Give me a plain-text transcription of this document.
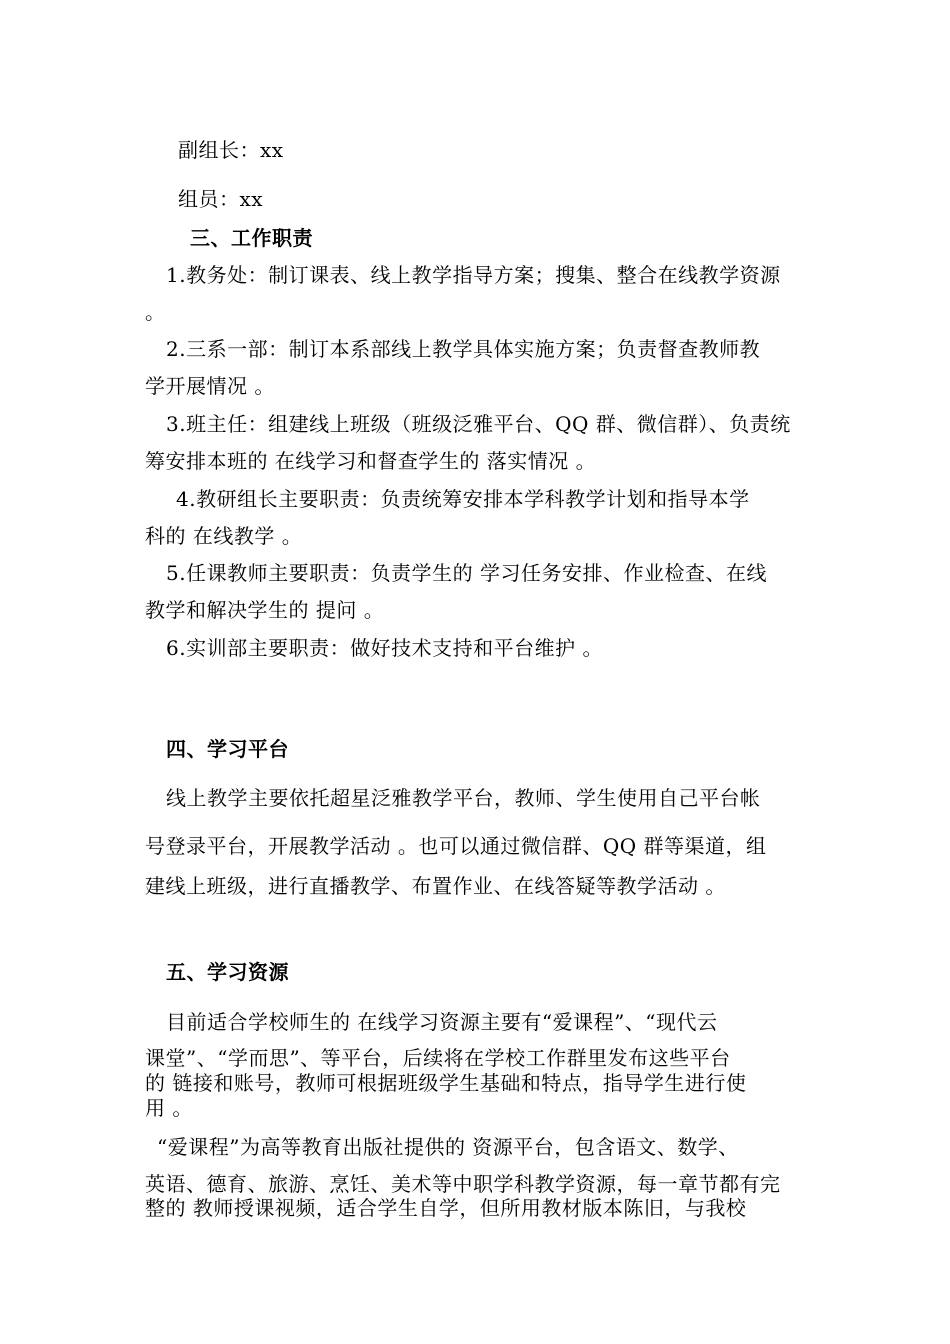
副组长：xx
组员：xx
三、工作职责
1.教务处：制订课表、线上教学指导方案；搜集、整合在线教学资源
。
2.三系一部：制订本系部线上教学具体实施方案；负责督查教师教
学开展情况 。
3.班主任：组建线上班级（班级泛雅平台、QQ 群、微信群）、负责统
筹安排本班的 在线学习和督查学生的 落实情况 。
4.教研组长主要职责：负责统筹安排本学科教学计划和指导本学
科的 在线教学 。
5.任课教师主要职责：负责学生的 学习任务安排、作业检查、在线
教学和解决学生的 提问 。
6.实训部主要职责：做好技术支持和平台维护 。
四、学习平台
线上教学主要依托超星泛雅教学平台，教师、学生使用自己平台帐
号登录平台，开展教学活动 。也可以通过微信群、QQ 群等渠道，组
建线上班级，进行直播教学、布置作业、在线答疑等教学活动 。
五、学习资源
目前适合学校师生的 在线学习资源主要有“爱课程”、“现代云
课堂”、“学而思”、等平台，后续将在学校工作群里发布这些平台
的 链接和账号，教师可根据班级学生基础和特点，指导学生进行使
用 。
“爱课程”为高等教育出版社提供的 资源平台，包含语文、数学、
英语、德育、旅游、烹饪、美术等中职学科教学资源，每一章节都有完
整的 教师授课视频，适合学生自学，但所用教材版本陈旧，与我校
